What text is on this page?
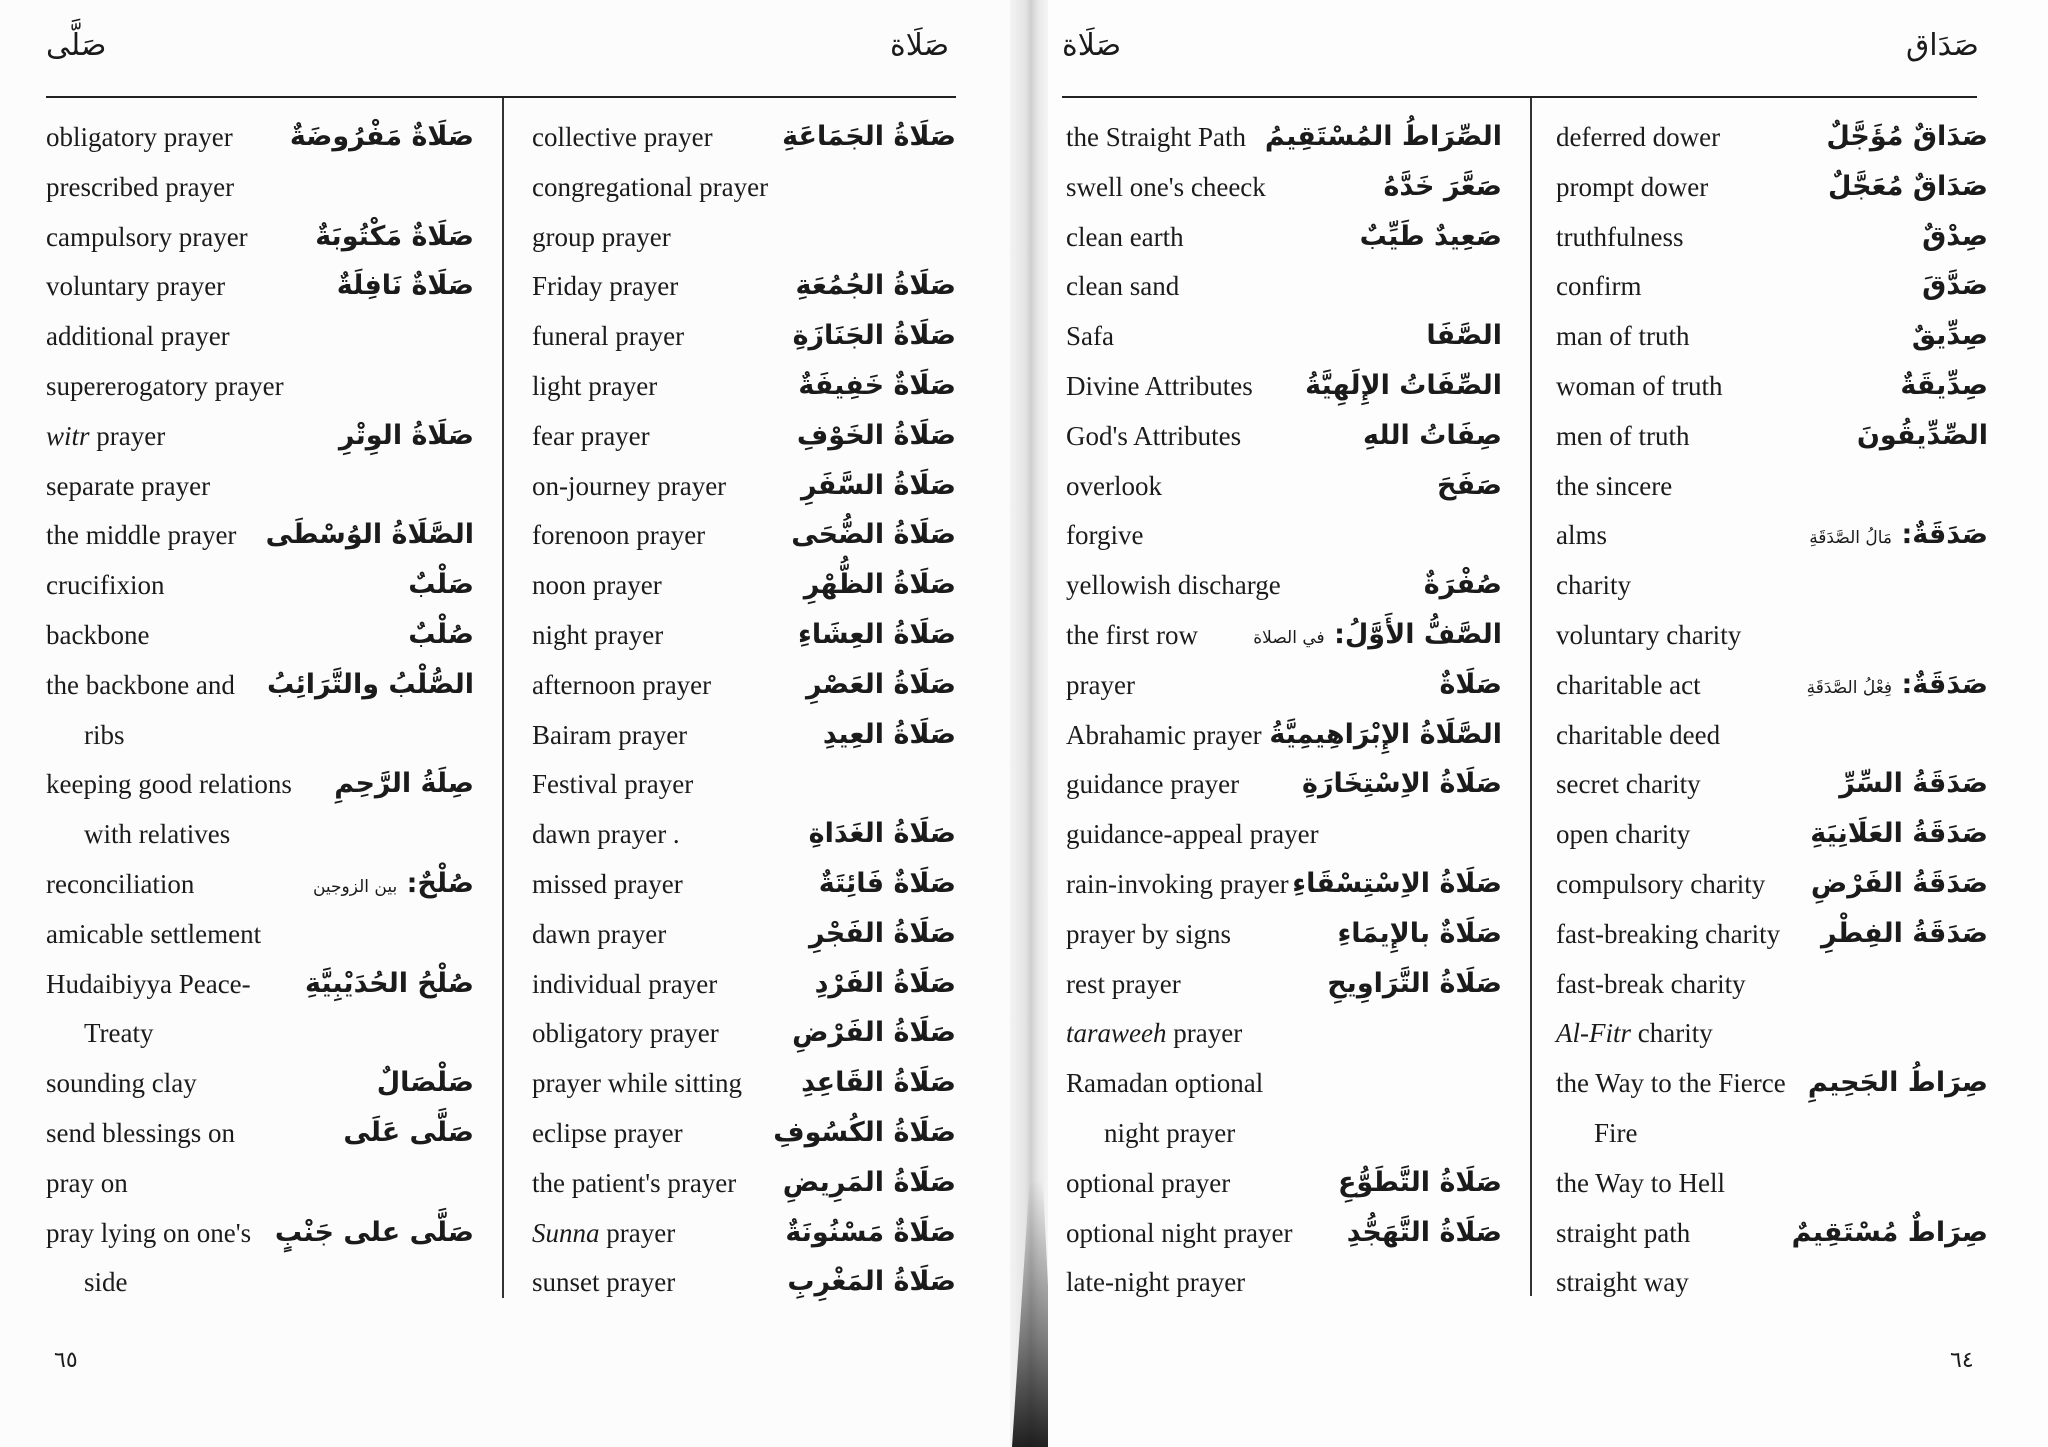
صَلَّى	صَلَاة	صَلَاة	صَدَاق
٦٥	٦٤
obligatory prayer صَلَاةٌ مَفْرُوضَةٌ
prescribed prayer
campulsory prayer	صَلَاةٌ مَكْتُوبَةٌ
voluntary prayer	صَلَاةٌ نَافِلَةٌ
additional prayer
supererogatory prayer
witr prayer	صَلَاةُ الوِتْرِ
separate prayer
the middle prayer الصَّلَاةُ الوُسْطَى
crucifixion	صَلْبٌ
backbone	صُلْبٌ
the backbone and الصُّلْبُ والتَّرَائِبُ
ribs
keeping good relations صِلَةُ الرَّحِمِ
with relatives
reconciliation	صُلْحٌ: بين الزوجين
amicable settlement
Hudaibiyya Peace- صُلْحُ الحُدَيْبِيَّةِ
Treaty
sounding clay	صَلْصَالٌ
send blessings on	صَلَّى عَلَى
pray on
pray lying on one's صَلَّى على جَنْبٍ
side
collective prayer	صَلَاةُ الجَمَاعَةِ
congregational prayer
group prayer
Friday prayer	صَلَاةُ الجُمُعَةِ
funeral prayer	صَلَاةُ الجَنَازَةِ
light prayer	صَلَاةٌ خَفِيفَةٌ
fear prayer	صَلَاةُ الخَوْفِ
on-journey prayer	صَلَاةُ السَّفَرِ
forenoon prayer	صَلَاةُ الضُّحَى
noon prayer	صَلَاةُ الظُّهْرِ
night prayer	صَلَاةُ العِشَاءِ
afternoon prayer	صَلَاةُ العَصْرِ
Bairam prayer	صَلَاةُ العِيدِ
Festival prayer
dawn prayer .	صَلَاةُ الغَدَاةِ
missed prayer	صَلَاةٌ فَائِتَةٌ
dawn prayer	صَلَاةُ الفَجْرِ
individual prayer	صَلَاةُ الفَرْدِ
obligatory prayer	صَلَاةُ الفَرْضِ
prayer while sitting صَلَاةُ القَاعِدِ
eclipse prayer	صَلَاةُ الكُسُوفِ
the patient's prayer صَلَاةُ المَرِيضِ
Sunna prayer	صَلَاةٌ مَسْنُونَةٌ
sunset prayer	صَلَاةُ المَغْرِبِ
the Straight Path الصِّرَاطُ المُسْتَقِيمُ
swell one's cheeck	صَعَّرَ خَدَّهُ
clean earth	صَعِيدٌ طَيِّبٌ
clean sand
Safa	الصَّفَا
Divine Attributes الصِّفَاتُ الإِلَهِيَّةُ
God's Attributes	صِفَاتُ اللهِ
overlook	صَفَحَ
forgive
yellowish discharge	صُفْرَةٌ
the first row	الصَّفُّ الأَوَّلُ: في الصلاة
prayer	صَلَاةٌ
Abrahamic prayer الصَّلَاةُ الإِبْرَاهِيمِيَّةُ
guidance prayer صَلَاةُ الاِسْتِخَارَةِ
guidance-appeal prayer
rain-invoking prayer صَلَاةُ الاِسْتِسْقَاءِ
prayer by signs	صَلَاةٌ بالإِيمَاءِ
rest prayer	صَلَاةُ التَّرَاوِيحِ
taraweeh prayer
Ramadan optional
night prayer
optional prayer	صَلَاةُ التَّطَوُّعِ
optional night prayer صَلَاةُ التَّهَجُّدِ
late-night prayer
deferred dower	صَدَاقٌ مُؤَجَّلٌ
prompt dower	صَدَاقٌ مُعَجَّلٌ
truthfulness	صِدْقٌ
confirm	صَدَّقَ
man of truth	صِدِّيقٌ
woman of truth	صِدِّيقَةٌ
men of truth	الصِّدِّيقُونَ
the sincere
alms	صَدَقَةٌ: مَالُ الصَّدَقَةِ
charity
voluntary charity
charitable act	صَدَقَةٌ: فِعْلُ الصَّدَقَةِ
charitable deed
secret charity	صَدَقَةُ السِّرِّ
open charity	صَدَقَةُ العَلَانِيَةِ
compulsory charity صَدَقَةُ الفَرْضِ
fast-breaking charity صَدَقَةُ الفِطْرِ
fast-break charity
Al-Fitr charity
the Way to the Fierce صِرَاطُ الجَحِيمِ
Fire
the Way to Hell
straight path	صِرَاطٌ مُسْتَقِيمٌ
straight way
